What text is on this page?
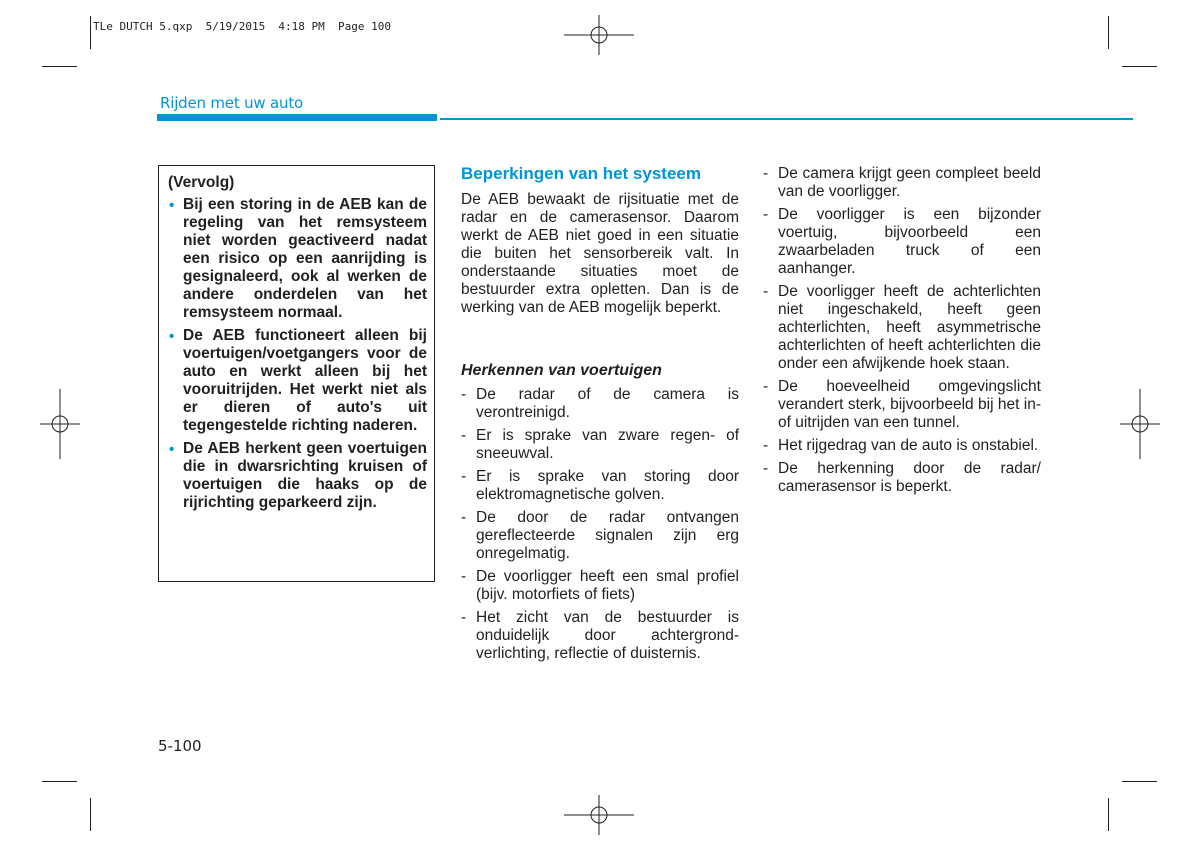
TLe DUTCH 5.qxp  5/19/2015  4:18 PM  Page 100
Rijden met uw auto
(Vervolg)
• Bij een storing in de AEB kan de regeling van het remsysteem niet worden geactiveerd nadat een risico op een aanrijding is gesignaleerd, ook al werken de andere onderdelen van het remsysteem normaal.
• De AEB functioneert alleen bij voertuigen/voetgangers voor de auto en werkt alleen bij het vooruitrijden. Het werkt niet als er dieren of auto's uit tegengestelde richting naderen.
• De AEB herkent geen voertuigen die in dwarsrichting kruisen of voertuigen die haaks op de rijrichting geparkeerd zijn.
Beperkingen van het systeem
De AEB bewaakt de rijsituatie met de radar en de camerasensor. Daarom werkt de AEB niet goed in een situatie die buiten het sensorbereik valt. In onderstaande situaties moet de bestuurder extra opletten. Dan is de werking van de AEB mogelijk beperkt.
Herkennen van voertuigen
- De radar of de camera is verontreinigd.
- Er is sprake van zware regen- of sneeuwval.
- Er is sprake van storing door elektromagnetische golven.
- De door de radar ontvangen gereflecteerde signalen zijn erg onregelmatig.
- De voorligger heeft een smal profiel (bijv. motorfiets of fiets)
- Het zicht van de bestuurder is onduidelijk door achtergrond-verlichting, reflectie of duisternis.
- De camera krijgt geen compleet beeld van de voorligger.
- De voorligger is een bijzonder voertuig, bijvoorbeeld een zwaarbeladen truck of een aanhanger.
- De voorligger heeft de achterlichten niet ingeschakeld, heeft geen achterlichten, heeft asymmetrische achterlichten of heeft achterlichten die onder een afwijkende hoek staan.
- De hoeveelheid omgevingslicht verandert sterk, bijvoorbeeld bij het in- of uitrijden van een tunnel.
- Het rijgedrag van de auto is onstabiel.
- De herkenning door de radar/ camerasensor is beperkt.
5-100
